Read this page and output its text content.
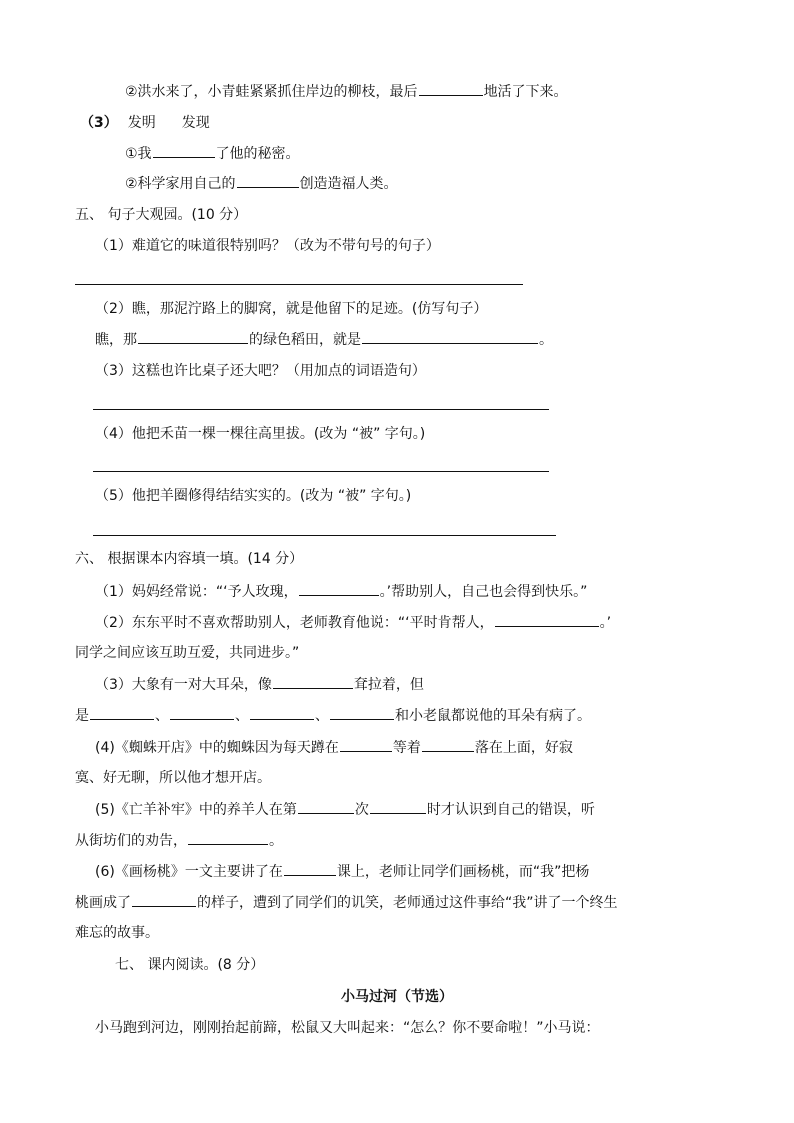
②洪水来了，小青蛙紧紧抓住岸边的柳枝，最后	地活了下来。
（3） 发明 发现
①我	了他的秘密。
②科学家用自己的	创造造福人类。
五、 句子大观园。(10 分）
（1）难道它的味道很特别吗？（改为不带句号的句子）
（2）瞧，那泥泞路上的脚窝，就是他留下的足迹。(仿写句子）
瞧，那	的绿色稻田，就是	。
（3）这糕也许比桌子还大吧？（用加点的词语造句）
（4）他把禾苗一棵一棵往高里拔。(改为 “被” 字句。)
（5）他把羊圈修得结结实实的。(改为 “被” 字句。)
六、 根据课本内容填一填。(14 分）
（1）妈妈经常说：“‘予人玫瑰，	。’帮助别人，自己也会得到快乐。”
（2）东东平时不喜欢帮助别人，老师教育他说：“‘平时肯帮人，	。’
同学之间应该互助互爱，共同进步。”
（3）大象有一对大耳朵，像	耷拉着，但
是	、	、	、	和小老鼠都说他的耳朵有病了。
(4)《蜘蛛开店》中的蜘蛛因为每天蹲在	等着	落在上面，好寂
寞、好无聊，所以他才想开店。
(5)《亡羊补牢》中的养羊人在第	次	时才认识到自己的错误，听
从街坊们的劝告，	。
(6)《画杨桃》一文主要讲了在	课上，老师让同学们画杨桃，而“我”把杨
桃画成了	的样子，遭到了同学们的讥笑，老师通过这件事给“我”讲了一个终生
难忘的故事。
七、 课内阅读。(8 分）
小马过河（节选）
小马跑到河边，刚刚抬起前蹄，松鼠又大叫起来：“怎么？你不要命啦！”小马说：
